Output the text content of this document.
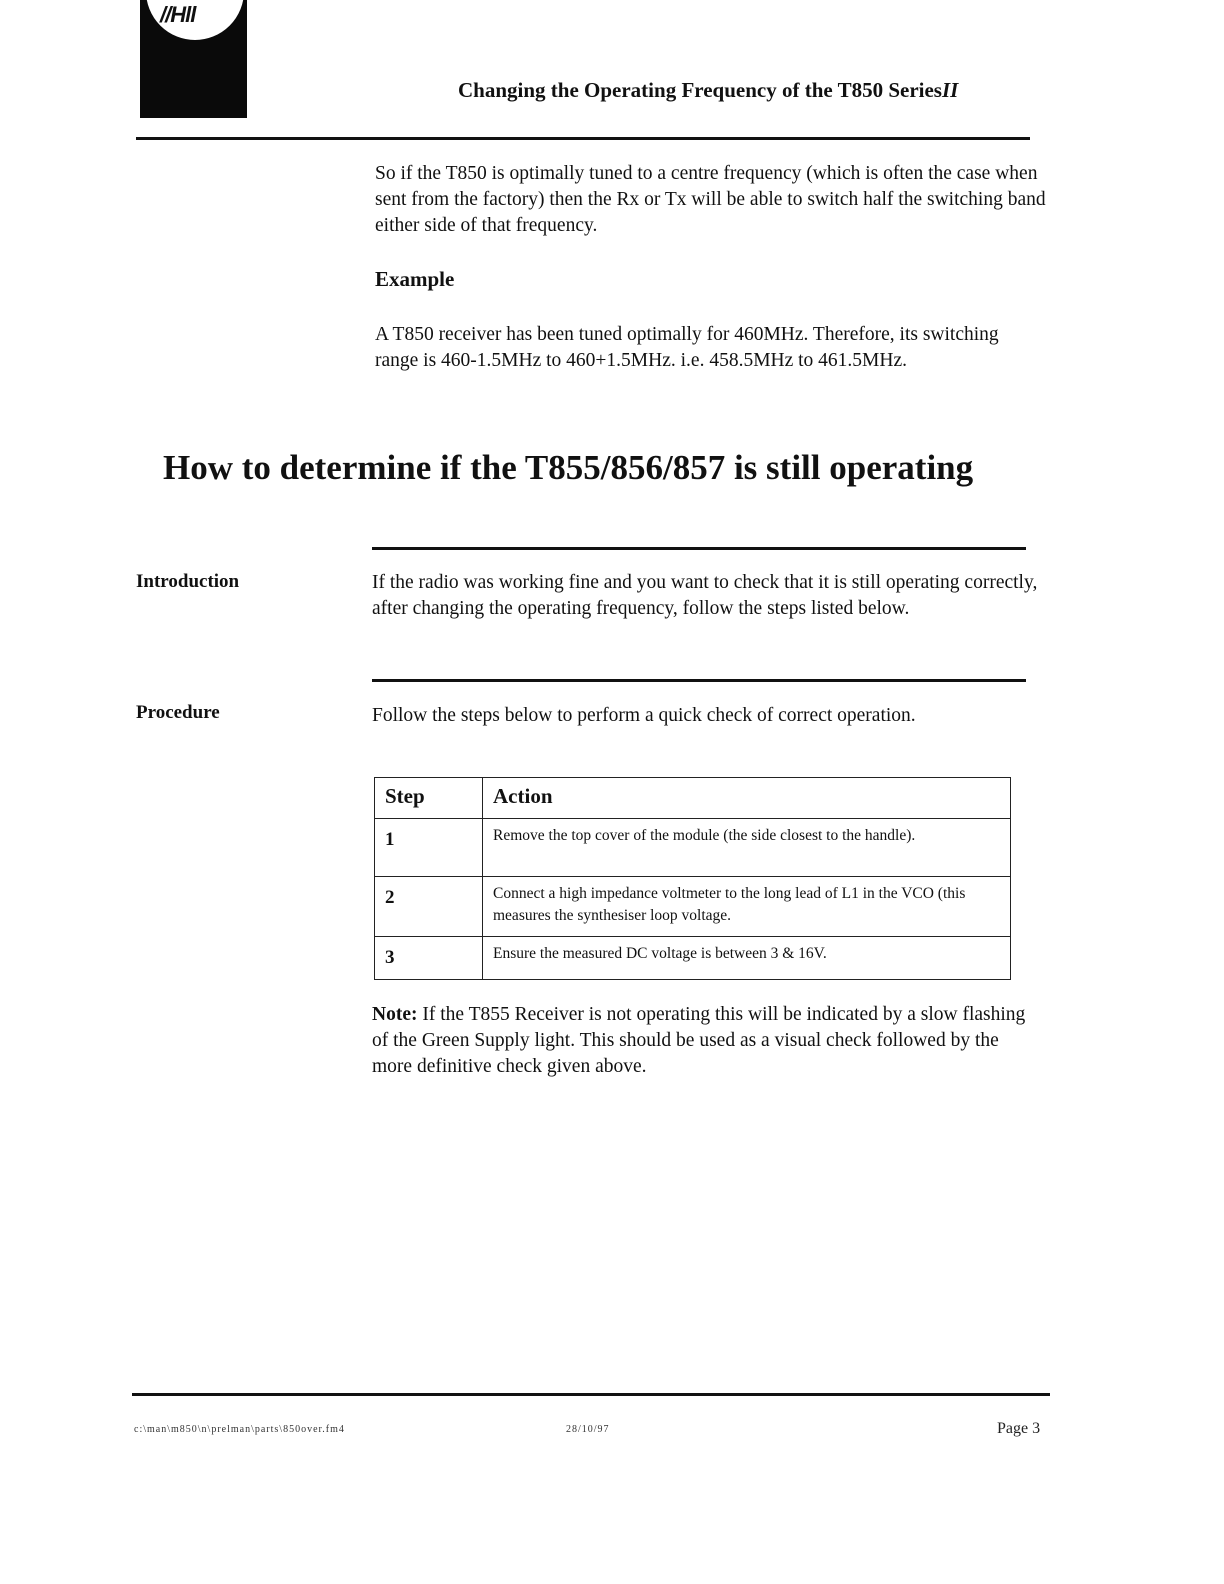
//Hll
Changing the Operating Frequency of the T850 SeriesII
So if the T850 is optimally tuned to a centre frequency (which is often the case when sent from the factory) then the Rx or Tx will be able to switch half the switching band either side of that frequency.
Example
A T850 receiver has been tuned optimally for 460MHz. Therefore, its switching range is 460-1.5MHz to 460+1.5MHz. i.e. 458.5MHz to 461.5MHz.
How to determine if the T855/856/857 is still operating
Introduction	If the radio was working fine and you want to check that it is still operating correctly, after changing the operating frequency, follow the steps listed below.
Procedure	Follow the steps below to perform a quick check of correct operation.
Step	Action
1	Remove the top cover of the module (the side closest to the handle).
2	Connect a high impedance voltmeter to the long lead of L1 in the VCO (this measures the synthesiser loop voltage.
3	Ensure the measured DC voltage is between 3 & 16V.
Note: If the T855 Receiver is not operating this will be indicated by a slow flashing of the Green Supply light. This should be used as a visual check followed by the more definitive check given above.
c:\man\m850\n\prelman\parts\850over.fm4	28/10/97	Page 3
